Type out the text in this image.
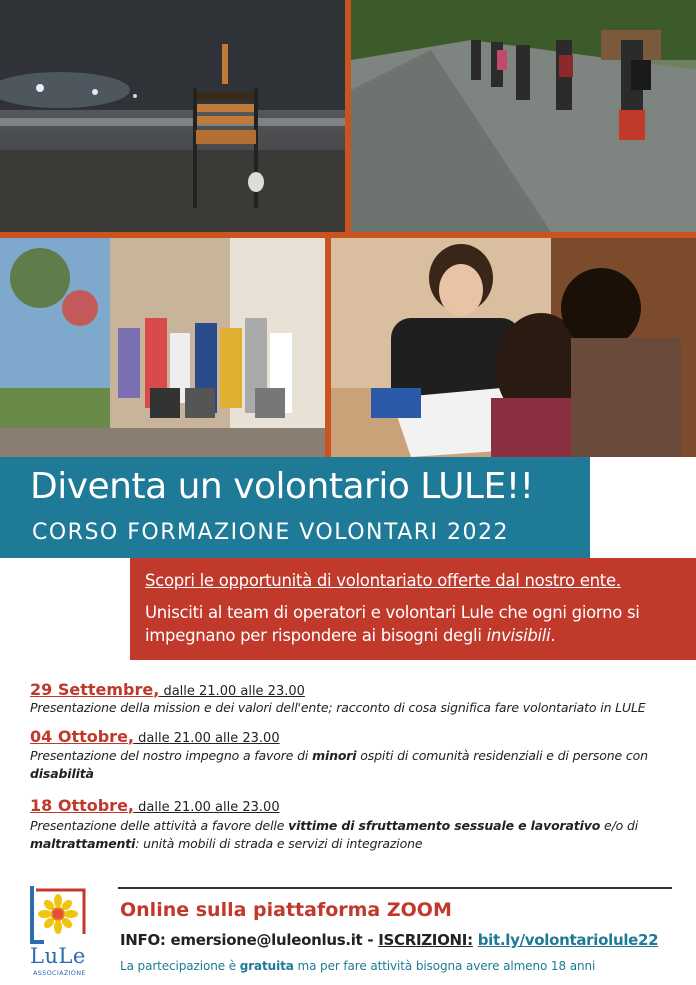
Diventa un volontario LULE!!
CORSO FORMAZIONE VOLONTARI 2022
Scopri le opportunità di volontariato offerte dal nostro ente.
Unisciti al team di operatori e volontari Lule che ogni giorno si impegnano per rispondere ai bisogni degli invisibili.
29 Settembre, dalle 21.00 alle 23.00
Presentazione della mission e dei valori dell'ente; racconto di cosa significa fare volontariato in LULE
04 Ottobre, dalle 21.00 alle 23.00
Presentazione del nostro impegno a favore di minori ospiti di comunità residenziali e di persone con disabilità
18 Ottobre, dalle 21.00 alle 23.00
Presentazione delle attività a favore delle vittime di sfruttamento sessuale e lavorativo e/o di maltrattamenti: unità mobili di strada e servizi di integrazione
LuLe
ASSOCIAZIONE
Online sulla piattaforma ZOOM
INFO: emersione@luleonlus.it - ISCRIZIONI: bit.ly/volontariolule22
La partecipazione è gratuita ma per fare attività bisogna avere almeno 18 anni
